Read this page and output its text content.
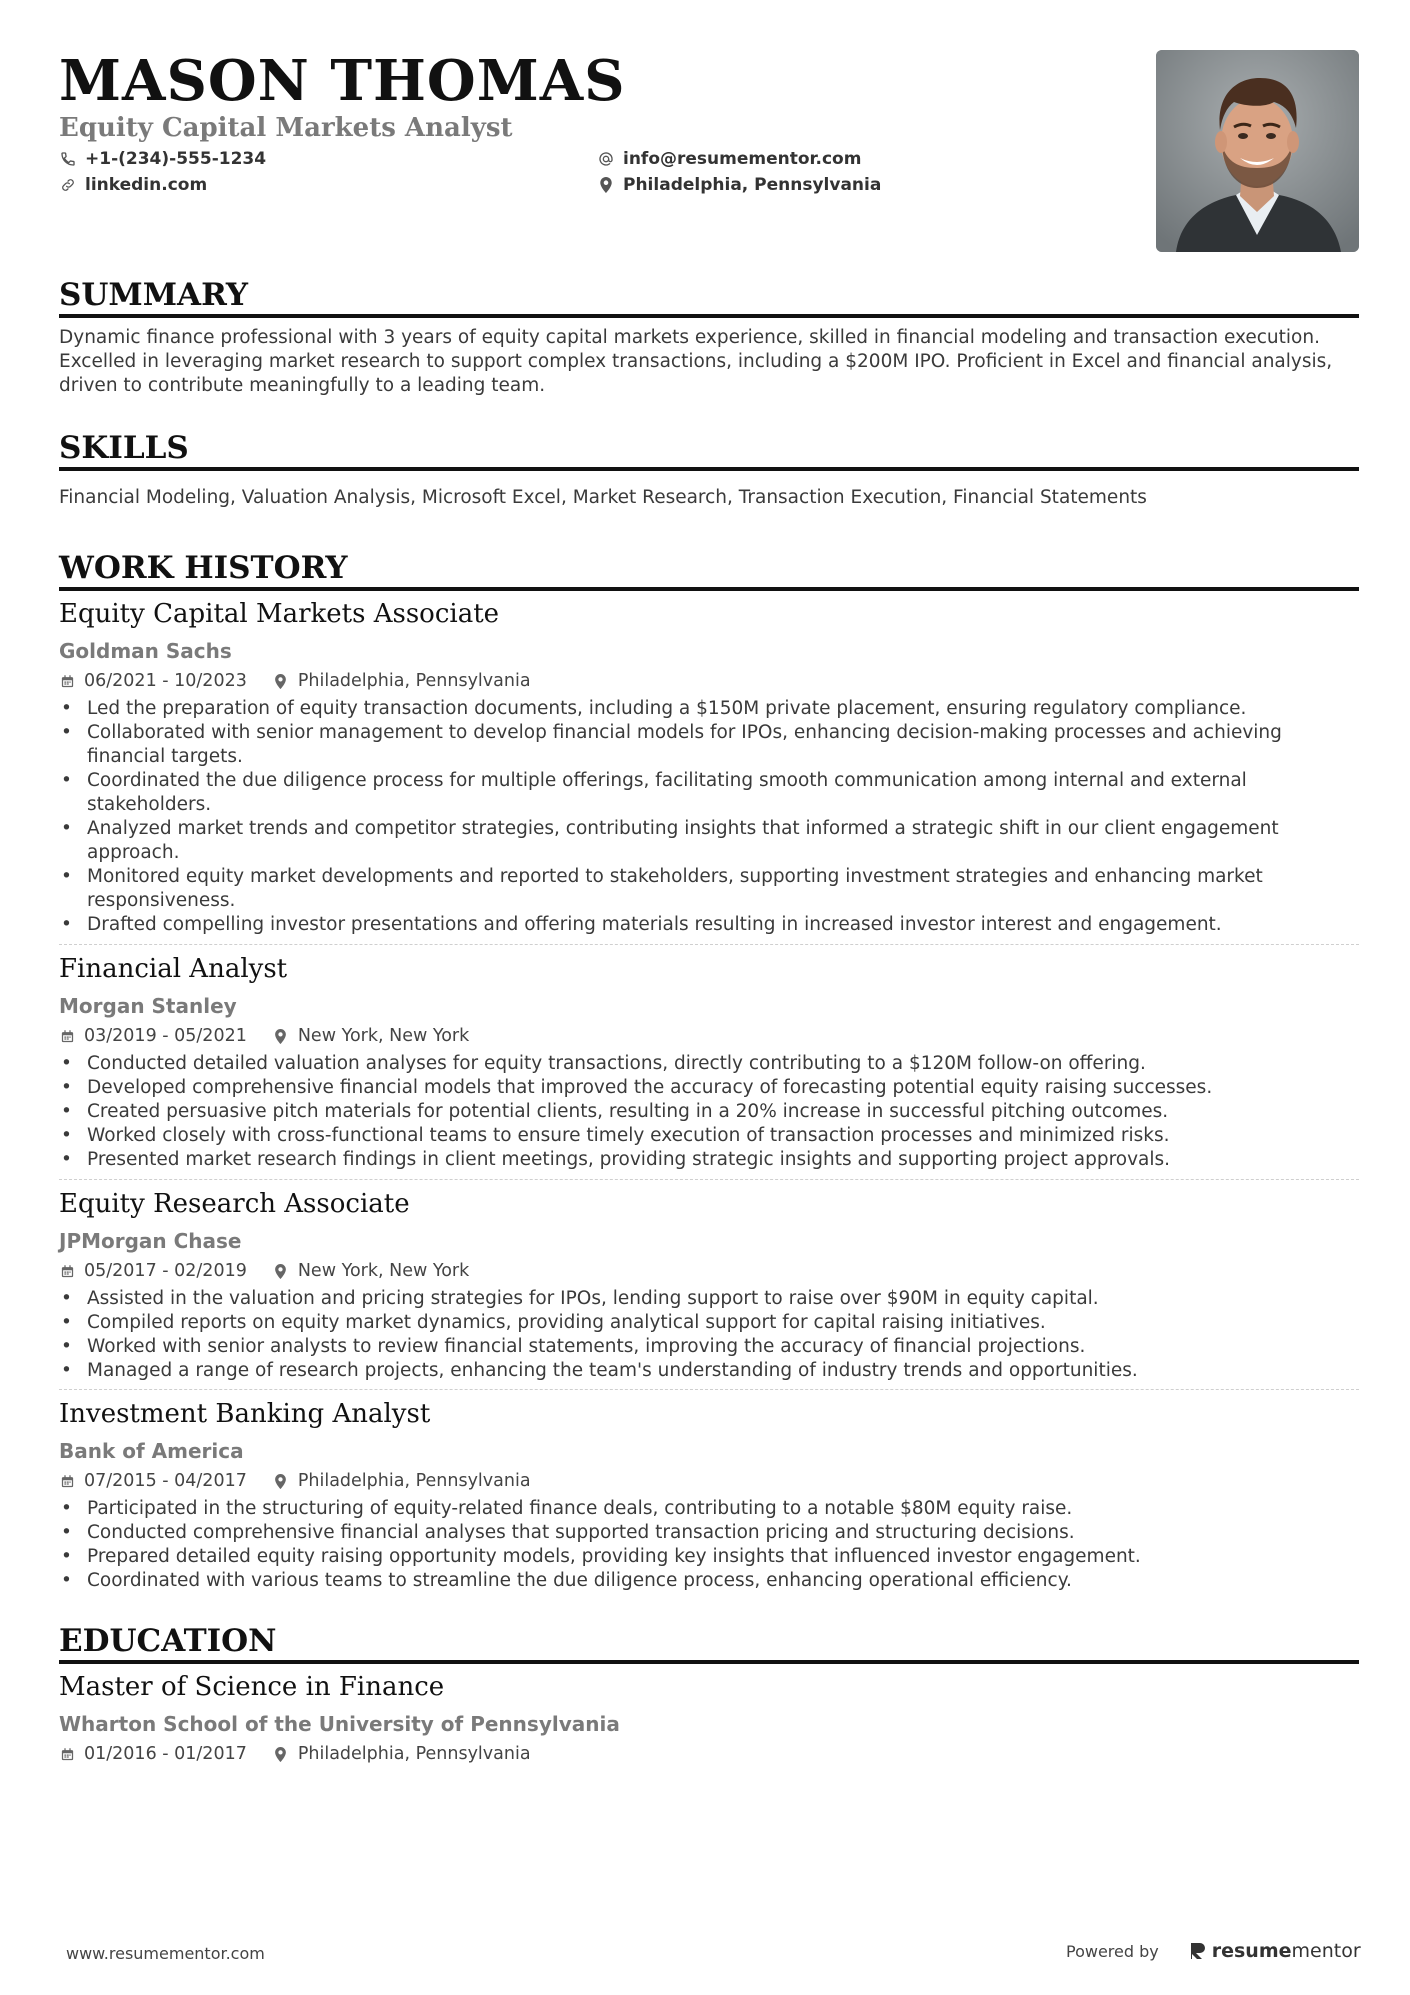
MASON THOMAS
Equity Capital Markets Analyst
+1-(234)-555-1234
linkedin.com
info@resumementor.com
Philadelphia, Pennsylvania
SUMMARY
Dynamic finance professional with 3 years of equity capital markets experience, skilled in financial modeling and transaction execution. Excelled in leveraging market research to support complex transactions, including a $200M IPO. Proficient in Excel and financial analysis, driven to contribute meaningfully to a leading team.
SKILLS
Financial Modeling, Valuation Analysis, Microsoft Excel, Market Research, Transaction Execution, Financial Statements
WORK HISTORY
Equity Capital Markets Associate
Goldman Sachs
06/2021 - 10/2023	Philadelphia, Pennsylvania
• Led the preparation of equity transaction documents, including a $150M private placement, ensuring regulatory compliance.
• Collaborated with senior management to develop financial models for IPOs, enhancing decision-making processes and achieving financial targets.
• Coordinated the due diligence process for multiple offerings, facilitating smooth communication among internal and external stakeholders.
• Analyzed market trends and competitor strategies, contributing insights that informed a strategic shift in our client engagement approach.
• Monitored equity market developments and reported to stakeholders, supporting investment strategies and enhancing market responsiveness.
• Drafted compelling investor presentations and offering materials resulting in increased investor interest and engagement.
Financial Analyst
Morgan Stanley
03/2019 - 05/2021	New York, New York
• Conducted detailed valuation analyses for equity transactions, directly contributing to a $120M follow-on offering.
• Developed comprehensive financial models that improved the accuracy of forecasting potential equity raising successes.
• Created persuasive pitch materials for potential clients, resulting in a 20% increase in successful pitching outcomes.
• Worked closely with cross-functional teams to ensure timely execution of transaction processes and minimized risks.
• Presented market research findings in client meetings, providing strategic insights and supporting project approvals.
Equity Research Associate
JPMorgan Chase
05/2017 - 02/2019	New York, New York
• Assisted in the valuation and pricing strategies for IPOs, lending support to raise over $90M in equity capital.
• Compiled reports on equity market dynamics, providing analytical support for capital raising initiatives.
• Worked with senior analysts to review financial statements, improving the accuracy of financial projections.
• Managed a range of research projects, enhancing the team's understanding of industry trends and opportunities.
Investment Banking Analyst
Bank of America
07/2015 - 04/2017	Philadelphia, Pennsylvania
• Participated in the structuring of equity-related finance deals, contributing to a notable $80M equity raise.
• Conducted comprehensive financial analyses that supported transaction pricing and structuring decisions.
• Prepared detailed equity raising opportunity models, providing key insights that influenced investor engagement.
• Coordinated with various teams to streamline the due diligence process, enhancing operational efficiency.
EDUCATION
Master of Science in Finance
Wharton School of the University of Pennsylvania
01/2016 - 01/2017	Philadelphia, Pennsylvania
www.resumementor.com	Powered by	resume mentor
